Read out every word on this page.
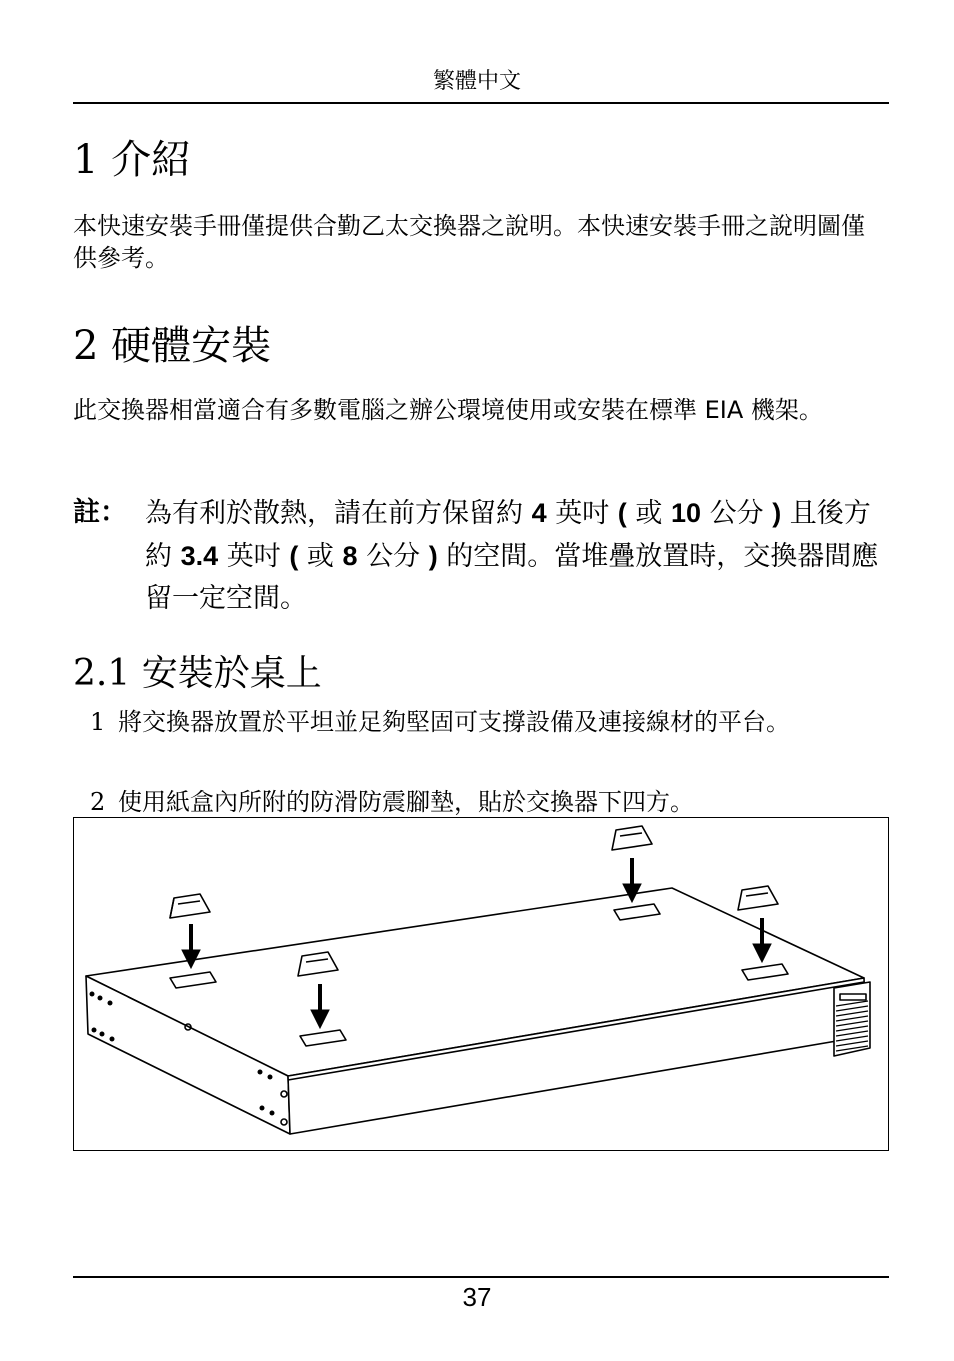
繁體中文
1 介紹
本快速安裝手冊僅提供合勤乙太交換器之說明。本快速安裝手冊之說明圖僅供參考。
2 硬體安裝
此交換器相當適合有多數電腦之辦公環境使用或安裝在標準 EIA 機架。
註： 為有利於散熱，請在前方保留約 4 英吋 ( 或 10 公分 ) 且後方約 3.4 英吋 ( 或 8 公分 ) 的空間。當堆疊放置時，交換器間應留一定空間。
2.1 安裝於桌上
1 將交換器放置於平坦並足夠堅固可支撐設備及連接線材的平台。
2 使用紙盒內所附的防滑防震腳墊，貼於交換器下四方。
37
